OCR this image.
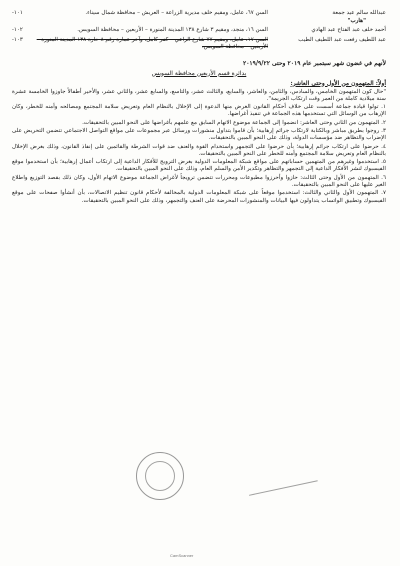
عبدالله سالم عيد جمعة
"هارب"
السن ٦٧، عامل، ومقيم خلف مديرية الزراعة – العريش – محافظة شمال سيناء.
١٠١-
أحمد خلف عبد الفتاح عبد الهادي
السن ١٦، منجد، ومقيم ٣ شارع ١٣٨ المدينة المنورة – الأربعين – محافظة السويس.
١٠٢-
عبد اللطيف رفعت عبد اللطيف الطيب
السن ١٧، عامل، ومقيم ٧٧ شارع الراعي – كفر كامل، وآخر عمارة رقم ٨ حارة ١٣٨ المدينة المنورة – الأربعين – محافظة السويس.
١٠٣-
لأنهم في غضون شهر سبتمبر عام ٢٠١٩ وحتى ٢٠١٩/٩/٢٢
بدائرة قسم الأربعين محافظة السويس
أولاً: المتهمون من الأول وحتى العاشر:

"حال كون المتهمون الخامس، والسادس، والثامن، والعاشر، والسابع، والثالث عشر، والتاسع، والسابع عشر، والثاني عشر، والأخير أطفالاً جاوزوا الخامسة عشرة سنة ميلادية كاملة من العمر وقت ارتكاب الجريمة".

١. تولوا قيادة جماعة أسست على خلاف أحكام القانون الغرض منها الدعوة إلى الإخلال بالنظام العام وتعريض سلامة المجتمع ومصالحه وأمنه للخطر، وكان الإرهاب من الوسائل التي تستخدمها هذه الجماعة في تنفيذ أغراضها.

٢. المتهمون من الثاني وحتى العاشر: انضموا إلى الجماعة موضوع الاتهام السابق مع علمهم بأغراضها على النحو المبين بالتحقيقات.

٣. روجوا بطريق مباشر وبالكتابة لارتكاب جرائم إرهابية؛ بأن قاموا بتداول منشورات ورسائل عبر مجموعات على مواقع التواصل الاجتماعي تتضمن التحريض على الإضراب والتظاهر ضد مؤسسات الدولة، وذلك على النحو المبين بالتحقيقات.

٤. حرضوا على ارتكاب جرائم إرهابية؛ بأن حرضوا على التجمهر واستخدام القوة والعنف ضد قوات الشرطة والقائمين على إنفاذ القانون، وذلك بغرض الإخلال بالنظام العام وتعريض سلامة المجتمع وأمنه للخطر على النحو المبين بالتحقيقات.

٥. استخدموا وغيرهم من المتهمين حساباتهم على مواقع شبكة المعلومات الدولية بغرض الترويج للأفكار الداعية إلى ارتكاب أعمال إرهابية؛ بأن استخدموا موقع الفيسبوك لنشر الأفكار الداعية إلى التجمهر والتظاهر وتكدير الأمن والسلم العام، وذلك على النحو المبين بالتحقيقات.

٦. المتهمون من الأول وحتى الثالث: حازوا وأحرزوا مطبوعات ومحررات تتضمن ترويجاً لأغراض الجماعة موضوع الاتهام الأول، وكان ذلك بقصد التوزيع واطلاع الغير عليها على النحو المبين بالتحقيقات.

٧. المتهمون الأول والثاني والثالث: استخدموا موقعاً على شبكة المعلومات الدولية بالمخالفة لأحكام قانون تنظيم الاتصالات، بأن أنشأوا صفحات على موقع الفيسبوك وتطبيق الواتساب يتداولون فيها البيانات والمنشورات المحرضة على العنف والتجمهر، وذلك على النحو المبين بالتحقيقات.

CamScanner
